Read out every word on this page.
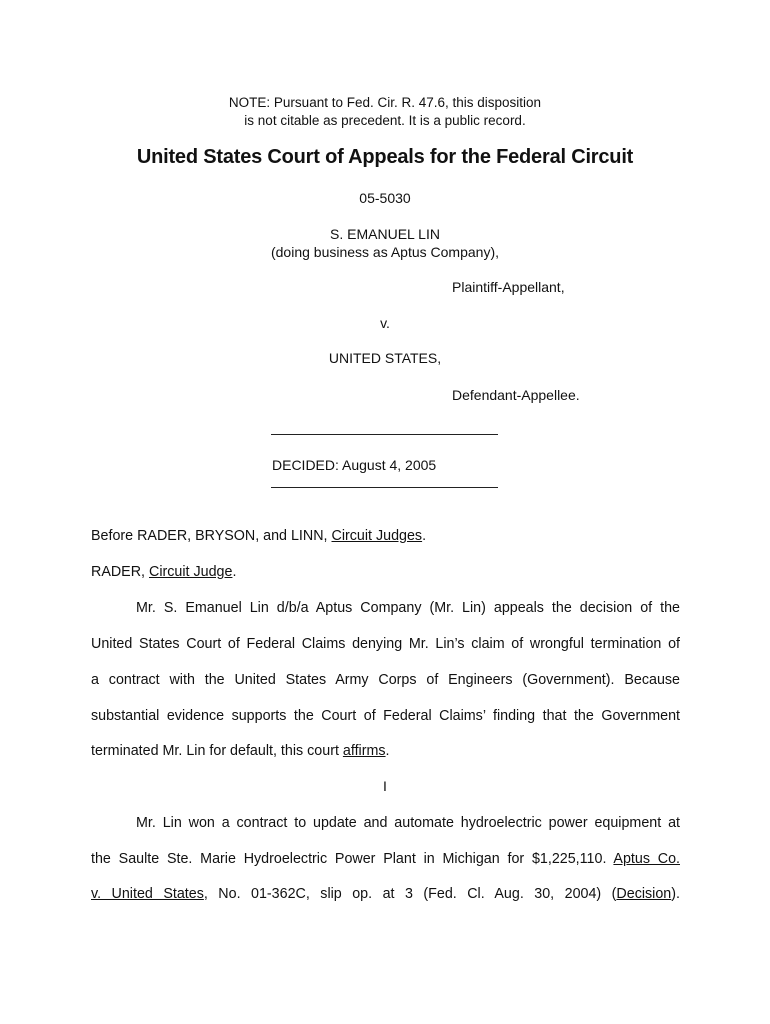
NOTE: Pursuant to Fed. Cir. R. 47.6, this disposition
is not citable as precedent. It is a public record.
United States Court of Appeals for the Federal Circuit
05-5030
S. EMANUEL LIN
(doing business as Aptus Company),
Plaintiff-Appellant,
v.
UNITED STATES,
Defendant-Appellee.
DECIDED: August 4, 2005
Before RADER, BRYSON, and LINN, Circuit Judges.
RADER, Circuit Judge.
Mr. S. Emanuel Lin d/b/a Aptus Company (Mr. Lin) appeals the decision of the
United States Court of Federal Claims denying Mr. Lin’s claim of wrongful termination of
a contract with the United States Army Corps of Engineers (Government). Because
substantial evidence supports the Court of Federal Claims’ finding that the Government
terminated Mr. Lin for default, this court affirms.
I
Mr. Lin won a contract to update and automate hydroelectric power equipment at
the Saulte Ste. Marie Hydroelectric Power Plant in Michigan for $1,225,110. Aptus Co.
v. United States, No. 01-362C, slip op. at 3 (Fed. Cl. Aug. 30, 2004) (Decision).
